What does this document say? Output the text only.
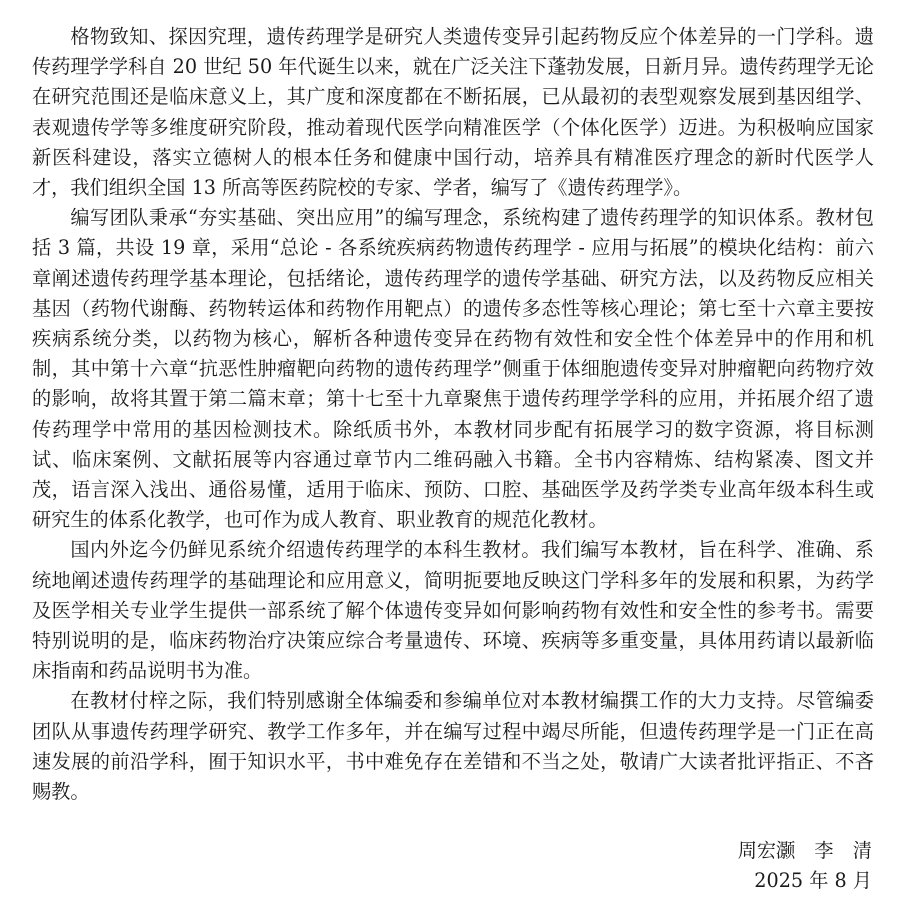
格物致知、探因究理，遗传药理学是研究人类遗传变异引起药物反应个体差异的一门学科。遗传药理学学科自 20 世纪 50 年代诞生以来，就在广泛关注下蓬勃发展，日新月异。遗传药理学无论在研究范围还是临床意义上，其广度和深度都在不断拓展，已从最初的表型观察发展到基因组学、表观遗传学等多维度研究阶段，推动着现代医学向精准医学（个体化医学）迈进。为积极响应国家新医科建设，落实立德树人的根本任务和健康中国行动，培养具有精准医疗理念的新时代医学人才，我们组织全国 13 所高等医药院校的专家、学者，编写了《遗传药理学》。

编写团队秉承“夯实基础、突出应用”的编写理念，系统构建了遗传药理学的知识体系。教材包括 3 篇，共设 19 章，采用“总论 - 各系统疾病药物遗传药理学 - 应用与拓展”的模块化结构：前六章阐述遗传药理学基本理论，包括绪论，遗传药理学的遗传学基础、研究方法，以及药物反应相关基因（药物代谢酶、药物转运体和药物作用靶点）的遗传多态性等核心理论；第七至十六章主要按疾病系统分类，以药物为核心，解析各种遗传变异在药物有效性和安全性个体差异中的作用和机制，其中第十六章“抗恶性肿瘤靶向药物的遗传药理学”侧重于体细胞遗传变异对肿瘤靶向药物疗效的影响，故将其置于第二篇末章；第十七至十九章聚焦于遗传药理学学科的应用，并拓展介绍了遗传药理学中常用的基因检测技术。除纸质书外，本教材同步配有拓展学习的数字资源，将目标测试、临床案例、文献拓展等内容通过章节内二维码融入书籍。全书内容精炼、结构紧凑、图文并茂，语言深入浅出、通俗易懂，适用于临床、预防、口腔、基础医学及药学类专业高年级本科生或研究生的体系化教学，也可作为成人教育、职业教育的规范化教材。

国内外迄今仍鲜见系统介绍遗传药理学的本科生教材。我们编写本教材，旨在科学、准确、系统地阐述遗传药理学的基础理论和应用意义，简明扼要地反映这门学科多年的发展和积累，为药学及医学相关专业学生提供一部系统了解个体遗传变异如何影响药物有效性和安全性的参考书。需要特别说明的是，临床药物治疗决策应综合考量遗传、环境、疾病等多重变量，具体用药请以最新临床指南和药品说明书为准。

在教材付梓之际，我们特别感谢全体编委和参编单位对本教材编撰工作的大力支持。尽管编委团队从事遗传药理学研究、教学工作多年，并在编写过程中竭尽所能，但遗传药理学是一门正在高速发展的前沿学科，囿于知识水平，书中难免存在差错和不当之处，敬请广大读者批评指正、不吝赐教。

周宏灏　李　清
2025 年 8 月
